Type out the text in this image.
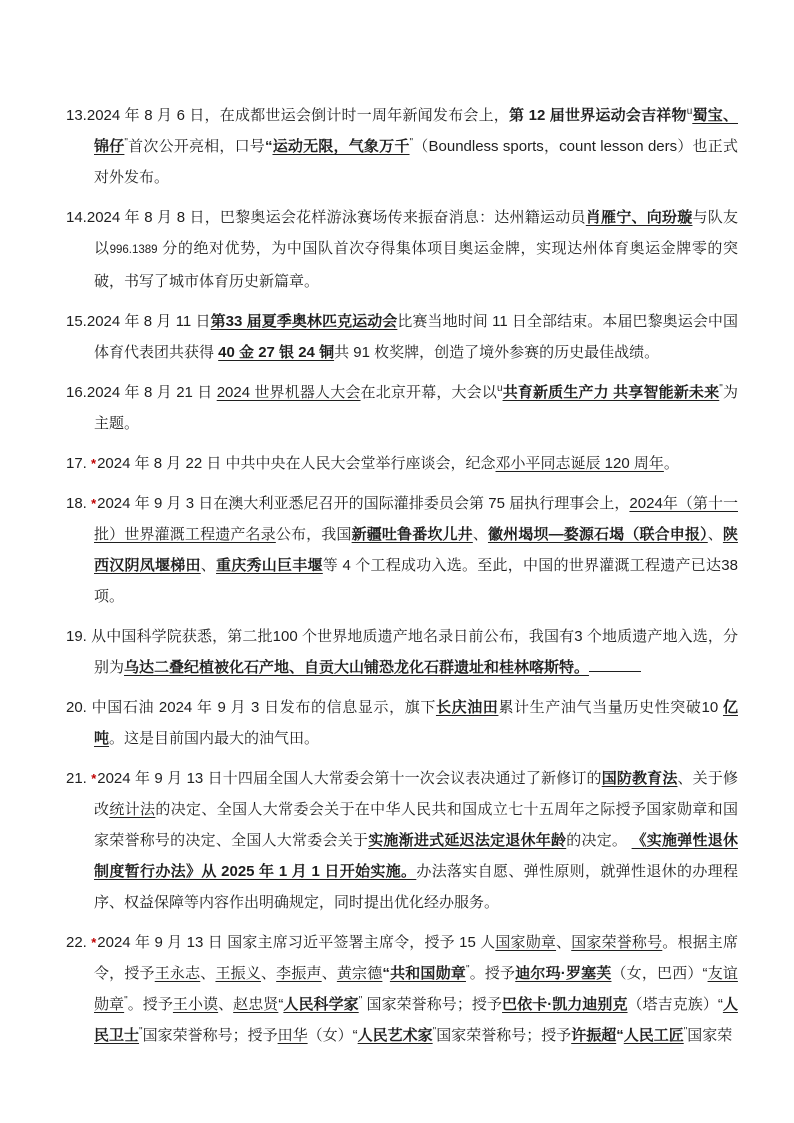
13.2024 年 8 月 6 日，在成都世运会倒计时一周年新闻发布会上，第 12 届世界运动会吉祥物$^u$蜀宝、锦仔"首次公开亮相，口号“运动无限，气象万千"（Boundless sports，count lesson ders）也正式对外发布。

14.2024 年 8 月 8 日，巴黎奥运会花样游泳赛场传来振奋消息：达州籍运动员肖雁宁、向玢璇与队友以996.1389 分的绝对优势，为中国队首次夺得集体项目奥运金牌，实现达州体育奥运金牌零的突破，书写了城市体育历史新篇章。

15.2024 年 8 月 11 日第33 届夏季奥林匹克运动会比赛当地时间 11 日全部结束。本届巴黎奥运会中国体育代表团共获得 40 金 27 银 24 铜共 91 枚奖牌，创造了境外参赛的历史最佳战绩。

16.2024 年 8 月 21 日 2024 世界机器人大会在北京开幕，大会以$^u$共育新质生产力 共享智能新未来"为主题。

17. *2024 年 8 月 22 日 中共中央在人民大会堂举行座谈会，纪念邓小平同志诞辰 120 周年。

18. *2024 年 9 月 3 日在澳大利亚悉尼召开的国际灌排委员会第 75 届执行理事会上，2024年（第十一批）世界灌溉工程遗产名录公布，我国新疆吐鲁番坎儿井、徽州堨坝—婺源石堨（联合申报）、陕西汉阴凤堰梯田、重庆秀山巨丰堰等 4 个工程成功入选。至此，中国的世界灌溉工程遗产已达38 项。

19. 从中国科学院获悉，第二批100 个世界地质遗产地名录日前公布，我国有3 个地质遗产地入选，分别为乌达二叠纪植被化石产地、自贡大山铺恐龙化石群遗址和桂林喀斯特。

20. 中国石油 2024 年 9 月 3 日发布的信息显示，旗下长庆油田累计生产油气当量历史性突破10 亿吨。这是目前国内最大的油气田。

21. *2024 年 9 月 13 日十四届全国人大常委会第十一次会议表决通过了新修订的国防教育法、关于修改统计法的决定、全国人大常委会关于在中华人民共和国成立七十五周年之际授予国家勋章和国家荣誉称号的决定、全国人大常委会关于实施渐进式延迟法定退休年龄的决定。 《实施弹性退休制度暂行办法》从 2025 年 1 月 1 日开始实施。办法落实自愿、弹性原则，就弹性退休的办理程序、权益保障等内容作出明确规定，同时提出优化经办服务。

22. *2024 年 9 月 13 日 国家主席习近平签署主席令，授予 15 人国家勋章、国家荣誉称号。根据主席令，授予王永志、王振义、李振声、黄宗德“共和国勋章"。授予迪尔玛·罗塞芙（女，巴西）“友谊勋章"。授予王小谟、赵忠贤“人民科学家" 国家荣誉称号；授予巴依卡·凯力迪别克（塔吉克族）“人民卫士"国家荣誉称号；授予田华（女）“人民艺术家"国家荣誉称号；授予许振超“人民工匠"国家荣
